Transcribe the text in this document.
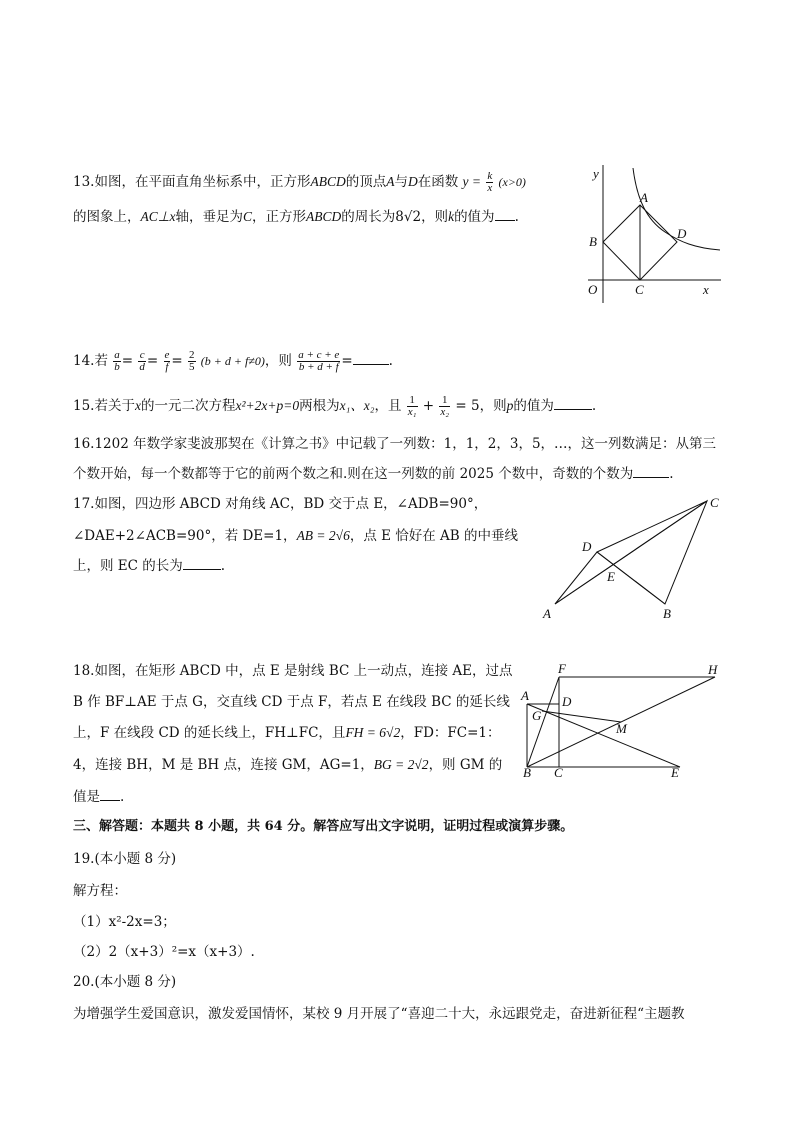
13.如图，在平面直角坐标系中，正方形ABCD的顶点A与D在函数 $y = \frac{k}{x} (x>0)$
的图象上，AC⊥x轴，垂足为C，正方形ABCD的周长为8√2，则k的值为 .
y
x
O
A
B
C
D
14.若 $\frac{a}{b} = \frac{c}{d} = \frac{e}{f} = \frac{2}{5} (b + d + f\ne 0)$，则 $\frac{a + c + e}{b + d + f}$ =	.
15.若关于x的一元二次方程x²+2x+p=0两根为x₁、x₂，且 $\frac{1}{\text{x₁}} + \frac{1}{\text{x₂}} = 5$，则p的值为	.
16.1202 年数学家斐波那契在《计算之书》中记载了一列数：1，1，2，3，5，…，这一列数满足：从第三
个数开始，每一个数都等于它的前两个数之和.则在这一列数的前 2025 个数中，奇数的个数为	.
17.如图，四边形 ABCD 对角线 AC，BD 交于点 E，∠ADB=90°，
∠DAE+2∠ACB=90°，若 DE=1，AB = 2√6，点 E 恰好在 AB 的中垂线
上，则 EC 的长为	.
A	B
C
D
E
18.如图，在矩形 ABCD 中，点 E 是射线 BC 上一动点，连接 AE，过点
B 作 BF⊥AE 于点 G，交直线 CD 于点 F，若点 E 在线段 BC 的延长线
上，F 在线段 CD 的延长线上，FH⊥FC，且FH = 6√2，FD：FC=1：
4，连接 BH，M 是 BH 点，连接 GM，AG=1，BG = 2√2，则 GM 的
值是 .
A
B C
D
E
F
G
H
M
三、解答题：本题共 8 小题，共 64 分。解答应写出文字说明，证明过程或演算步骤。
19.(本小题 8 分)
解方程：
（1）x²-2x=3；
（2）2（x+3）²=x（x+3）.
20.(本小题 8 分)
为增强学生爱国意识，激发爱国情怀，某校 9 月开展了“喜迎二十大，永远跟党走，奋进新征程“主题教
